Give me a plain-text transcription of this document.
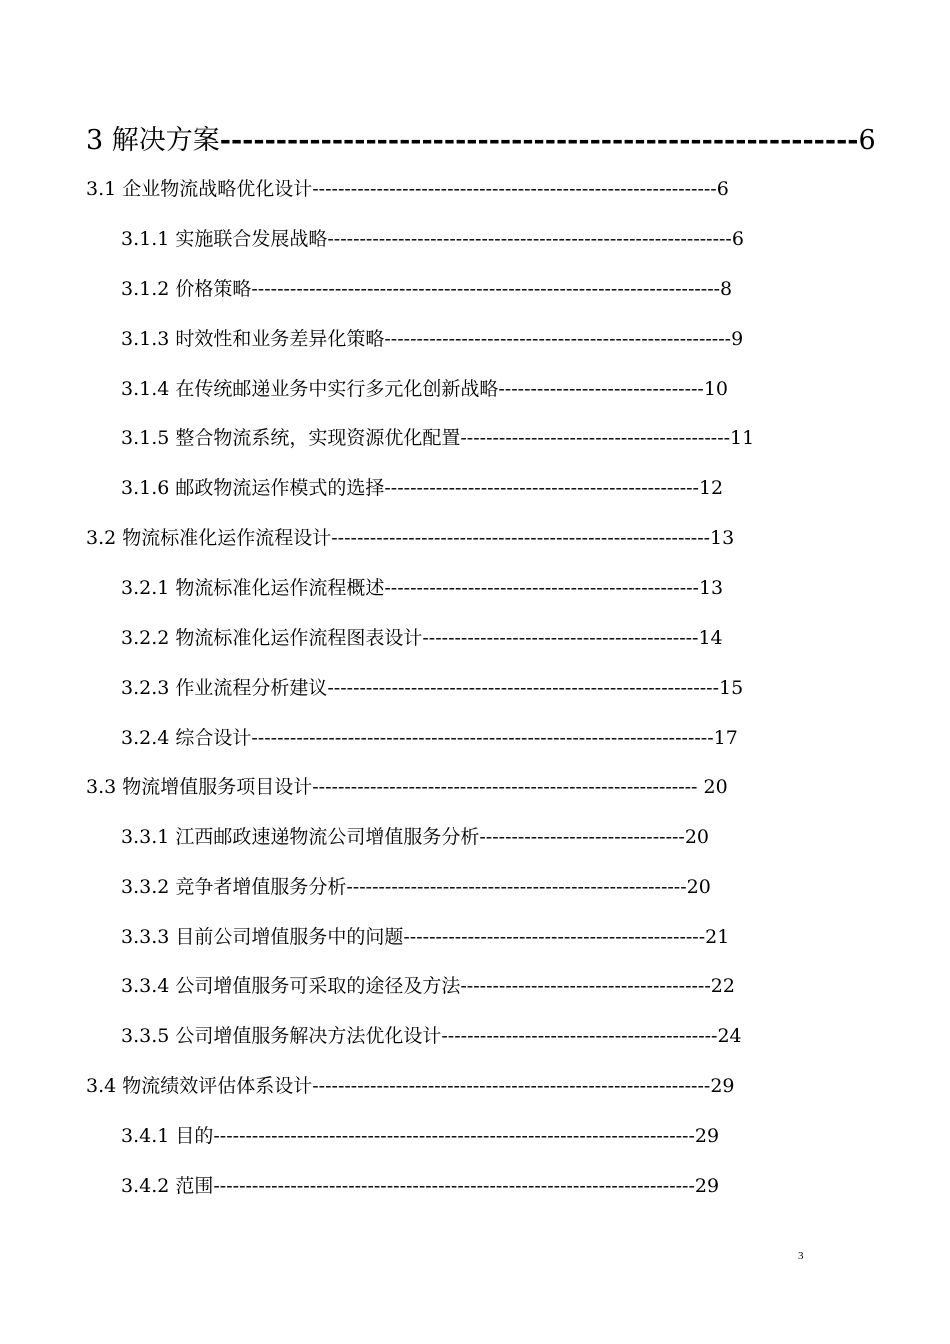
3 解决方案---------------------------------------------------------6
3.1 企业物流战略优化设计---------------------------------------------------------------6
3.1.1 实施联合发展战略---------------------------------------------------------------6
3.1.2 价格策略-------------------------------------------------------------------------8
3.1.3 时效性和业务差异化策略------------------------------------------------------9
3.1.4 在传统邮递业务中实行多元化创新战略--------------------------------10
3.1.5 整合物流系统，实现资源优化配置------------------------------------------11
3.1.6 邮政物流运作模式的选择-------------------------------------------------12
3.2 物流标准化运作流程设计-----------------------------------------------------------13
3.2.1 物流标准化运作流程概述-------------------------------------------------13
3.2.2 物流标准化运作流程图表设计-------------------------------------------14
3.2.3 作业流程分析建议-------------------------------------------------------------15
3.2.4 综合设计------------------------------------------------------------------------17
3.3 物流增值服务项目设计------------------------------------------------------------ 20
3.3.1 江西邮政速递物流公司增值服务分析--------------------------------20
3.3.2 竞争者增值服务分析-----------------------------------------------------20
3.3.3 目前公司增值服务中的问题-----------------------------------------------21
3.3.4 公司增值服务可采取的途径及方法---------------------------------------22
3.3.5 公司增值服务解决方法优化设计-------------------------------------------24
3.4 物流绩效评估体系设计--------------------------------------------------------------29
3.4.1 目的---------------------------------------------------------------------------29
3.4.2 范围---------------------------------------------------------------------------29
3
